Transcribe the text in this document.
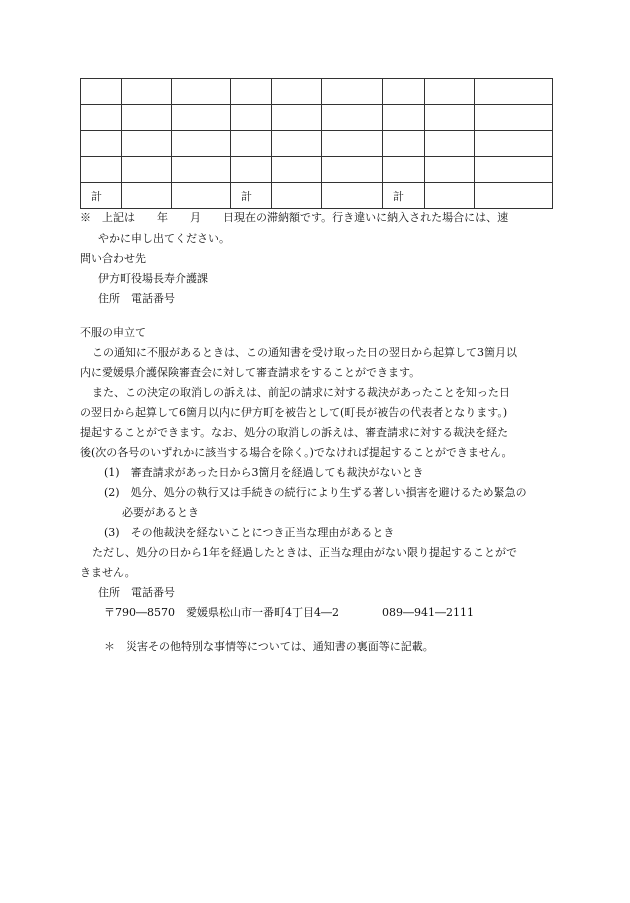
計			計			計		
※　上記は　　年　　月　　日現在の滞納額です。行き違いに納入された場合には、速
やかに申し出てください。
問い合わせ先
伊方町役場長寿介護課
住所　電話番号
不服の申立て
この通知に不服があるときは、この通知書を受け取った日の翌日から起算して3箇月以
内に愛媛県介護保険審査会に対して審査請求をすることができます。
また、この決定の取消しの訴えは、前記の請求に対する裁決があったことを知った日
の翌日から起算して6箇月以内に伊方町を被告として(町長が被告の代表者となります。)
提起することができます。なお、処分の取消しの訴えは、審査請求に対する裁決を経た
後(次の各号のいずれかに該当する場合を除く。)でなければ提起することができません。
(1)　審査請求があった日から3箇月を経過しても裁決がないとき
(2)　処分、処分の執行又は手続きの続行により生ずる著しい損害を避けるため緊急の
必要があるとき
(3)　その他裁決を経ないことにつき正当な理由があるとき
ただし、処分の日から1年を経過したときは、正当な理由がない限り提起することがで
きません。
住所　電話番号
〒790―8570　愛媛県松山市一番町4丁目4―2	089―941―2111
＊　災害その他特別な事情等については、通知書の裏面等に記載。
